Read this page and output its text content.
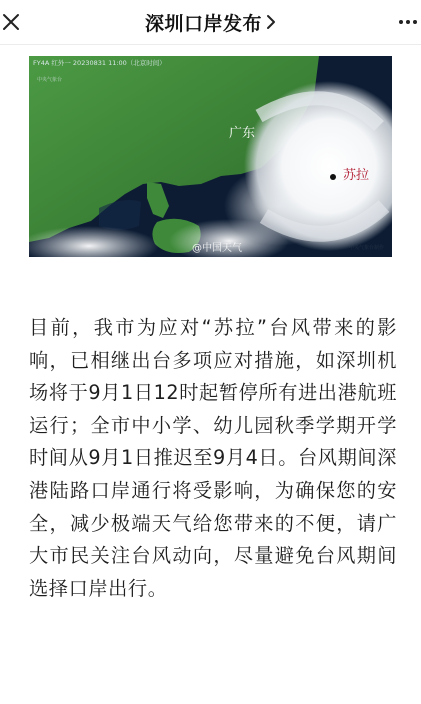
深圳口岸发布
FY4A 红外一 20230831 11:00（北京时间）
中央气象台
广东
苏拉
@中国天气	中央气象台制作

目前，我市为应对“苏拉”台风带来的影响，已相继出台多项应对措施，如深圳机场将于9月1日12时起暂停所有进出港航班运行；全市中小学、幼儿园秋季学期开学时间从9月1日推迟至9月4日。台风期间深港陆路口岸通行将受影响，为确保您的安全，减少极端天气给您带来的不便，请广大市民关注台风动向，尽量避免台风期间选择口岸出行。
